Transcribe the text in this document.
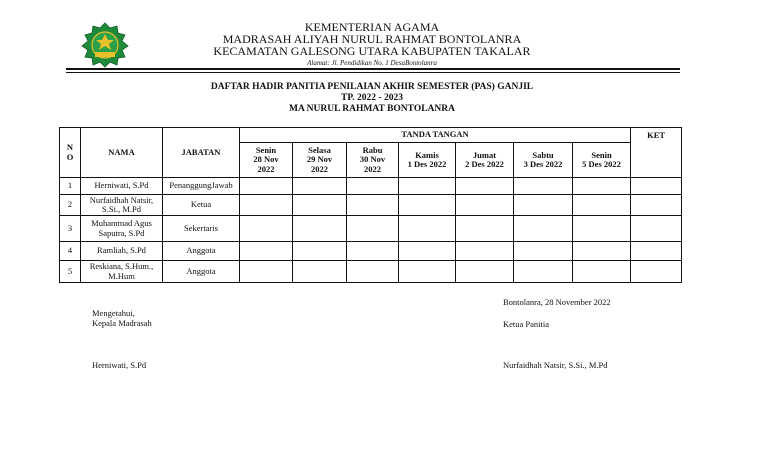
KEMENTERIAN AGAMA
MADRASAH ALIYAH NURUL RAHMAT BONTOLANRA
KECAMATAN GALESONG UTARA KABUPATEN TAKALAR
Alamat: Jl. Pendidikan No. 1 DesaBontolanra
DAFTAR HADIR PANITIA PENILAIAN AKHIR SEMESTER (PAS) GANJIL
TP. 2022 - 2023
MA NURUL RAHMAT BONTOLANRA
N
O	NAMA	JABATAN	TANDA TANGAN							KET
			Senin
28 Nov
2022	Selasa
29 Nov
2022	Rabu
30 Nov
2022	Kamis
1 Des 2022	Jumat
2 Des 2022	Sabtu
3 Des 2022	Senin
5 Des 2022	
1	Herniwati, S.Pd	PenanggungJawab								
2	Nurfaidhah Natsir,
S.Si., M.Pd	Ketua								
3	Muhammad Agus
Saputra, S.Pd	Sekertaris								
4	Ramliah, S.Pd	Anggota								
5	Reskiana, S.Hum.,
M.Hum	Anggota								
Mengetahui,
Kepala Madrasah
Herniwati, S.Pd
Bontolanra, 28 November 2022
Ketua Panitia
Nurfaidhah Natsir, S.Si., M.Pd
